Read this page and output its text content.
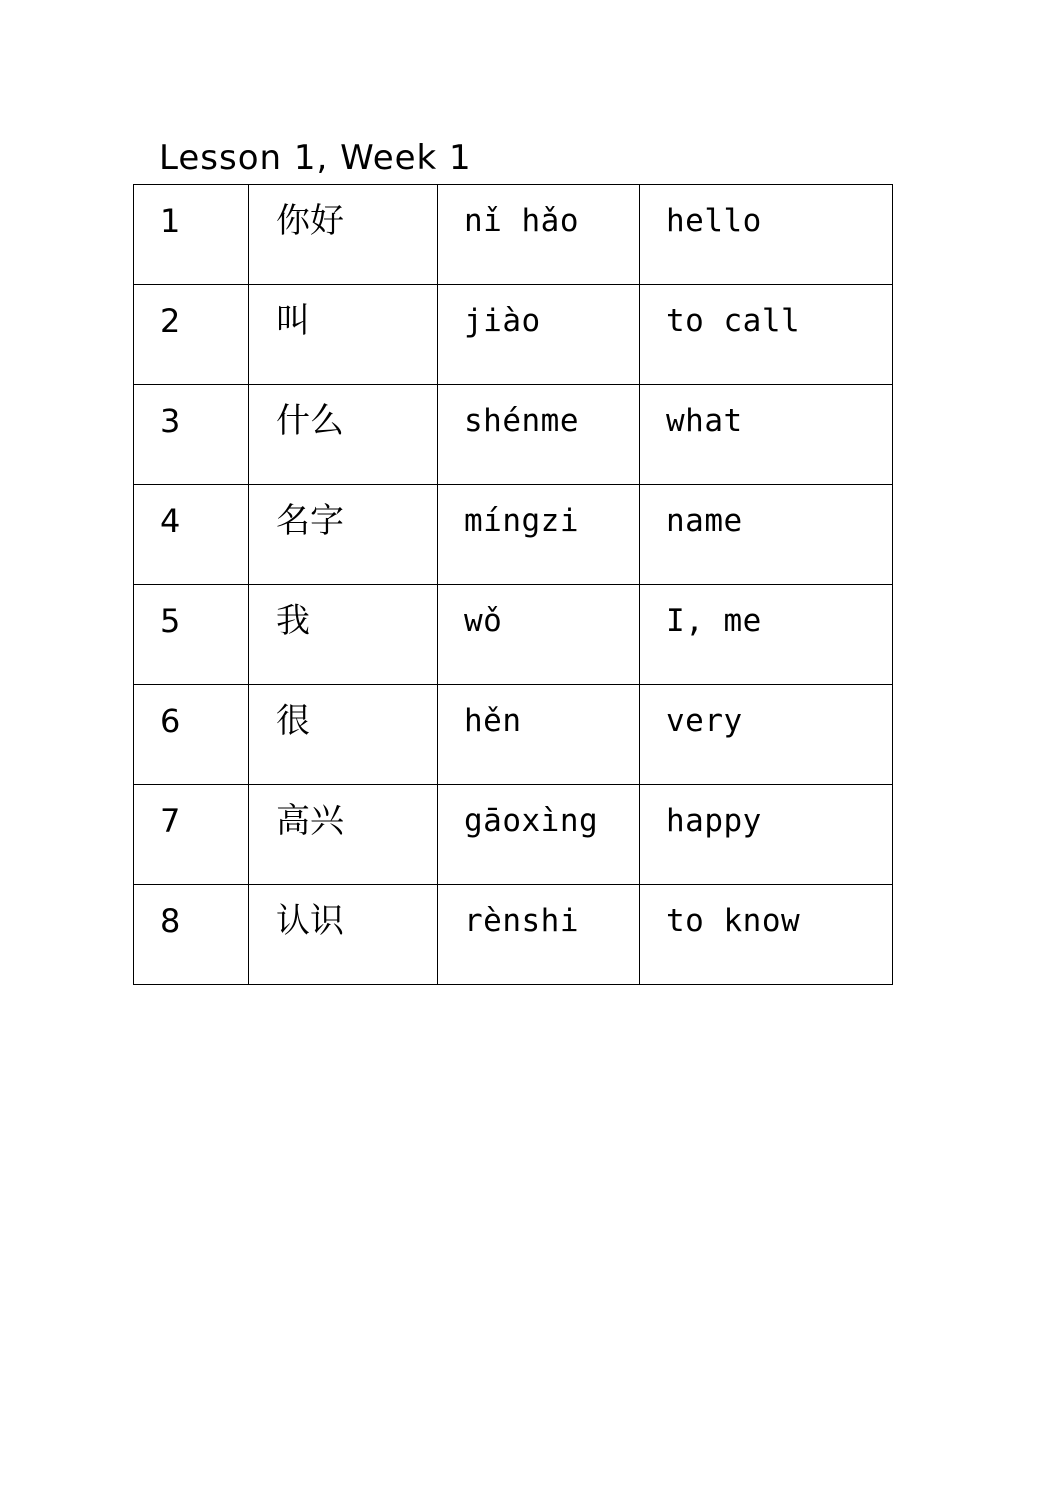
Lesson 1, Week 1
1	你好	nǐ hǎo	hello

2	叫	jiào	to call

3	什么	shénme	what

4	名字	míngzi	name

5	我	wǒ	I, me

6	很	hěn	very

7	高兴	gāoxìng	happy

8	认识	rènshi	to know
